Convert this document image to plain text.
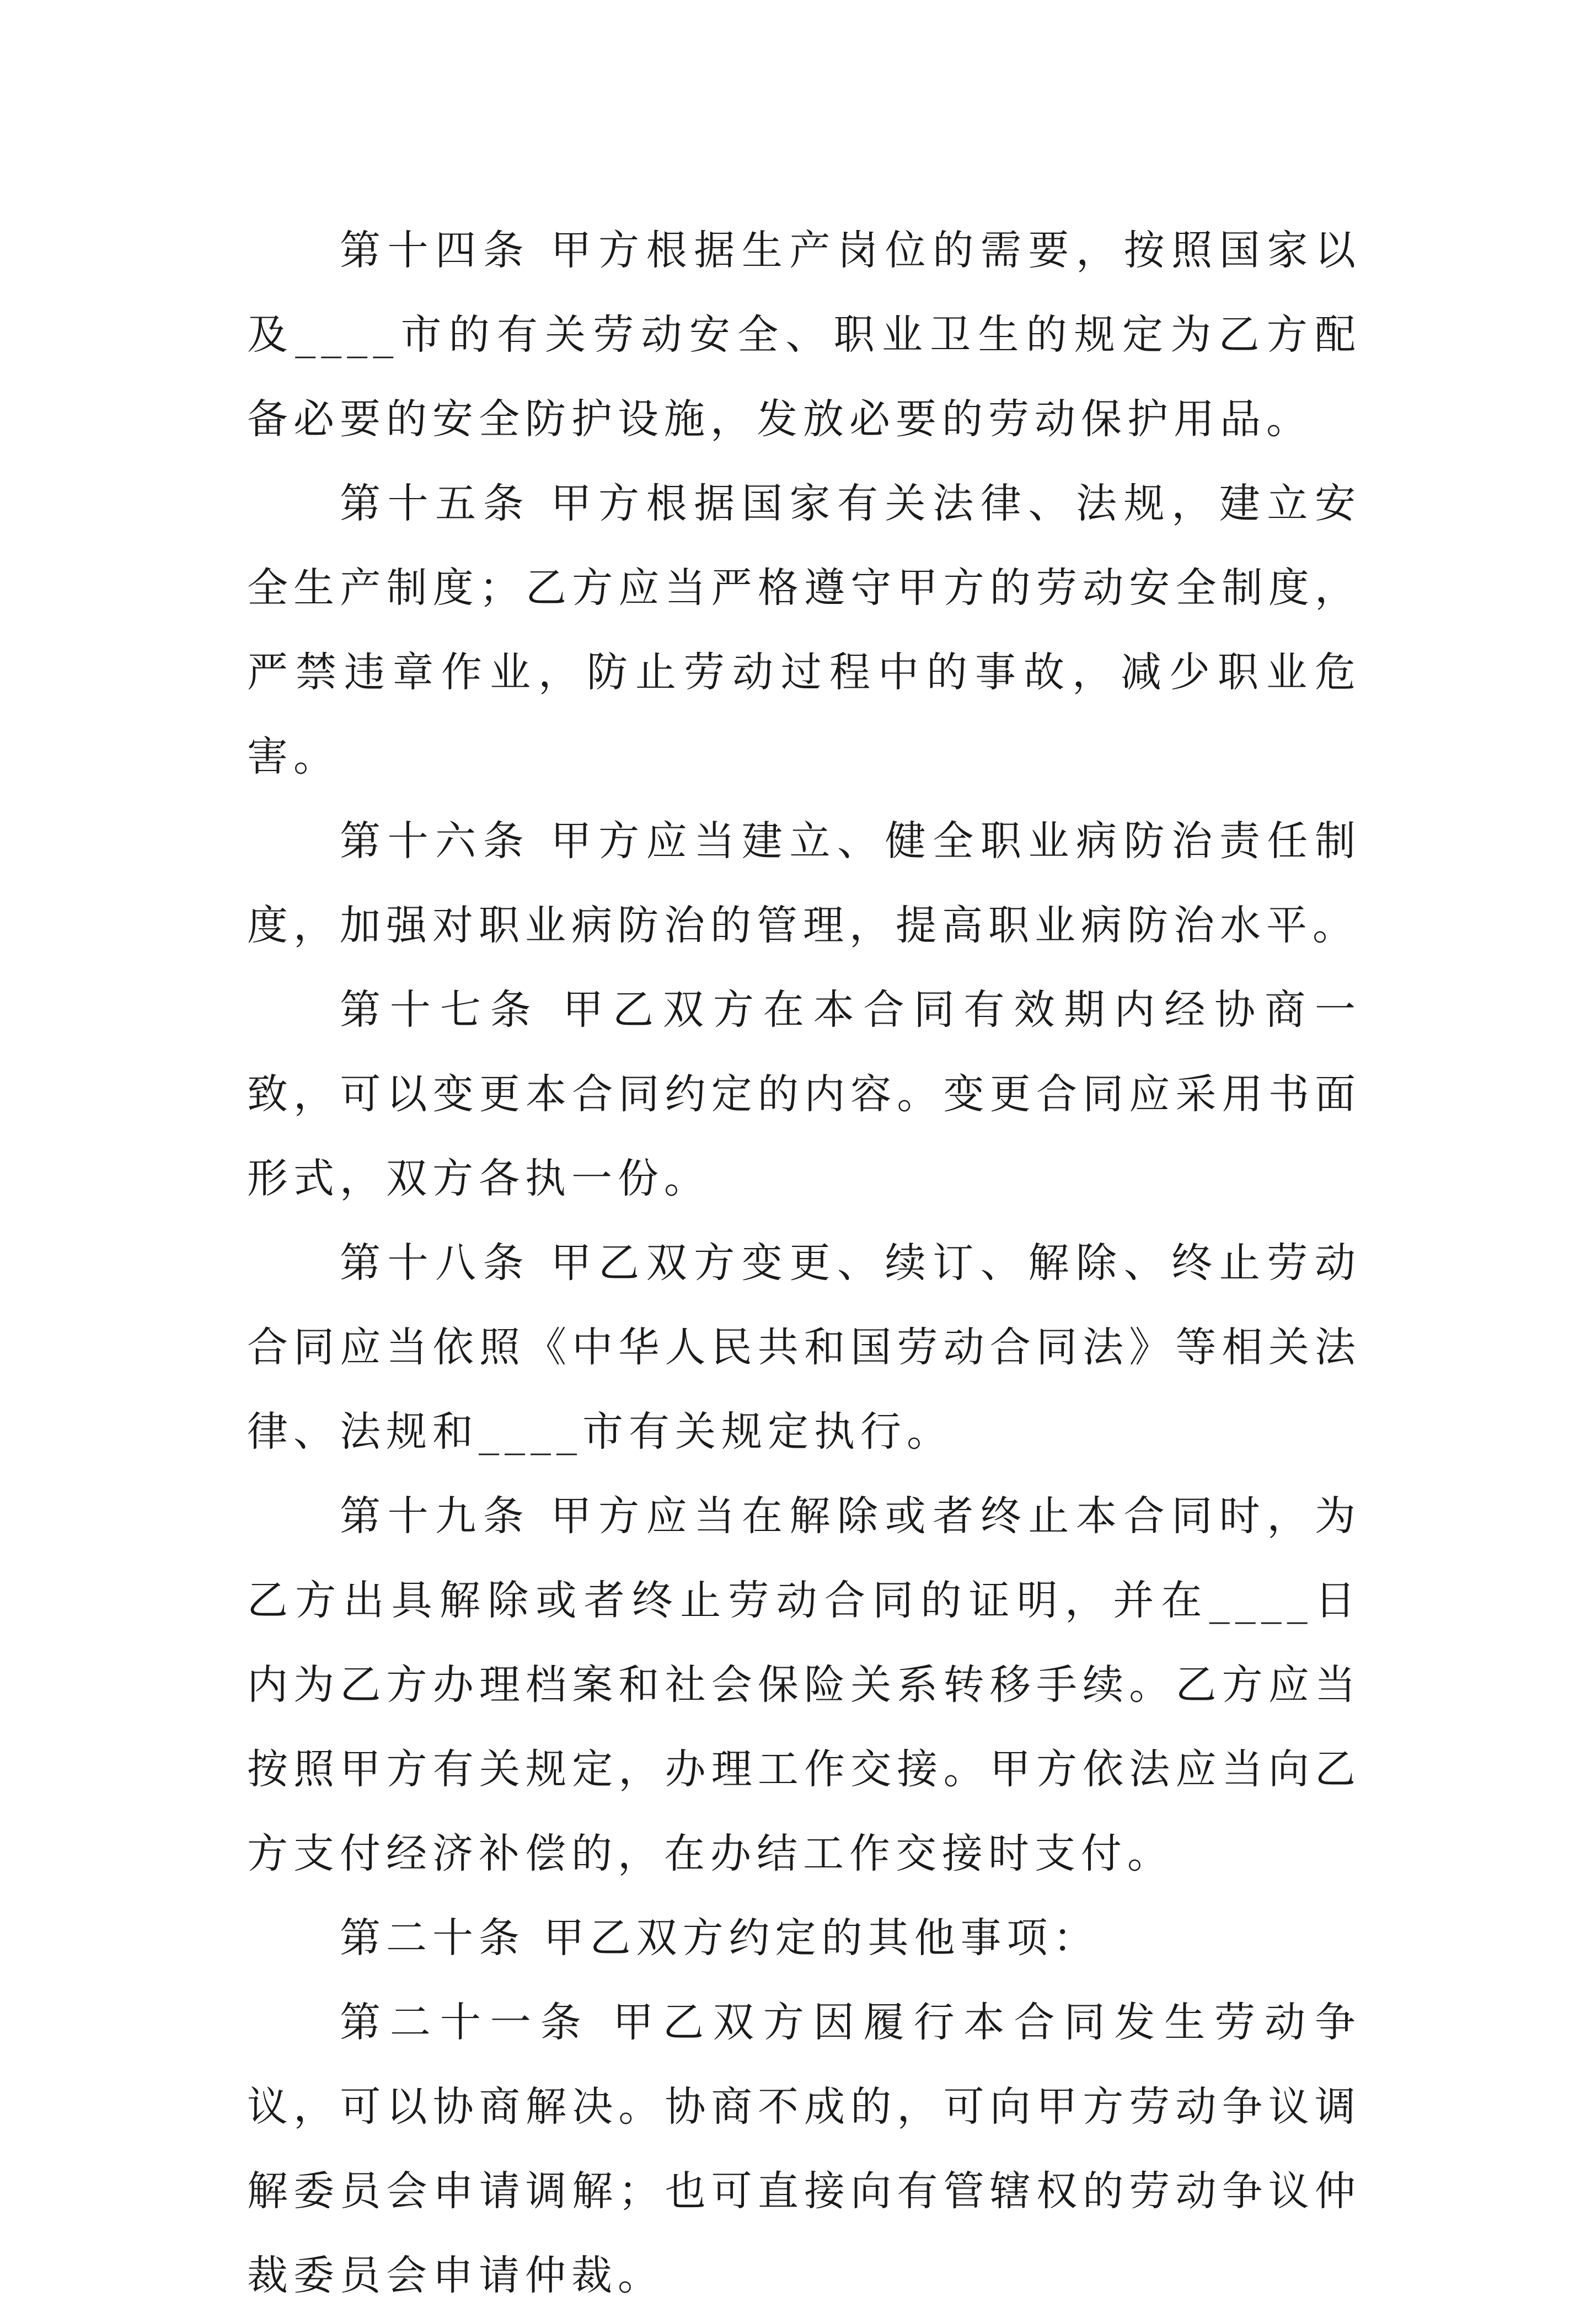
第十四条 甲方根据生产岗位的需要，按照国家以及____市的有关劳动安全、职业卫生的规定为乙方配备必要的安全防护设施，发放必要的劳动保护用品。

第十五条 甲方根据国家有关法律、法规，建立安全生产制度；乙方应当严格遵守甲方的劳动安全制度，严禁违章作业，防止劳动过程中的事故，减少职业危害。

第十六条 甲方应当建立、健全职业病防治责任制度，加强对职业病防治的管理，提高职业病防治水平。

第十七条 甲乙双方在本合同有效期内经协商一致，可以变更本合同约定的内容。变更合同应采用书面形式，双方各执一份。

第十八条 甲乙双方变更、续订、解除、终止劳动合同应当依照《中华人民共和国劳动合同法》等相关法律、法规和____市有关规定执行。

第十九条 甲方应当在解除或者终止本合同时，为乙方出具解除或者终止劳动合同的证明，并在____日内为乙方办理档案和社会保险关系转移手续。乙方应当按照甲方有关规定，办理工作交接。甲方依法应当向乙方支付经济补偿的，在办结工作交接时支付。

第二十条 甲乙双方约定的其他事项：

第二十一条 甲乙双方因履行本合同发生劳动争议，可以协商解决。协商不成的，可向甲方劳动争议调解委员会申请调解；也可直接向有管辖权的劳动争议仲裁委员会申请仲裁。
